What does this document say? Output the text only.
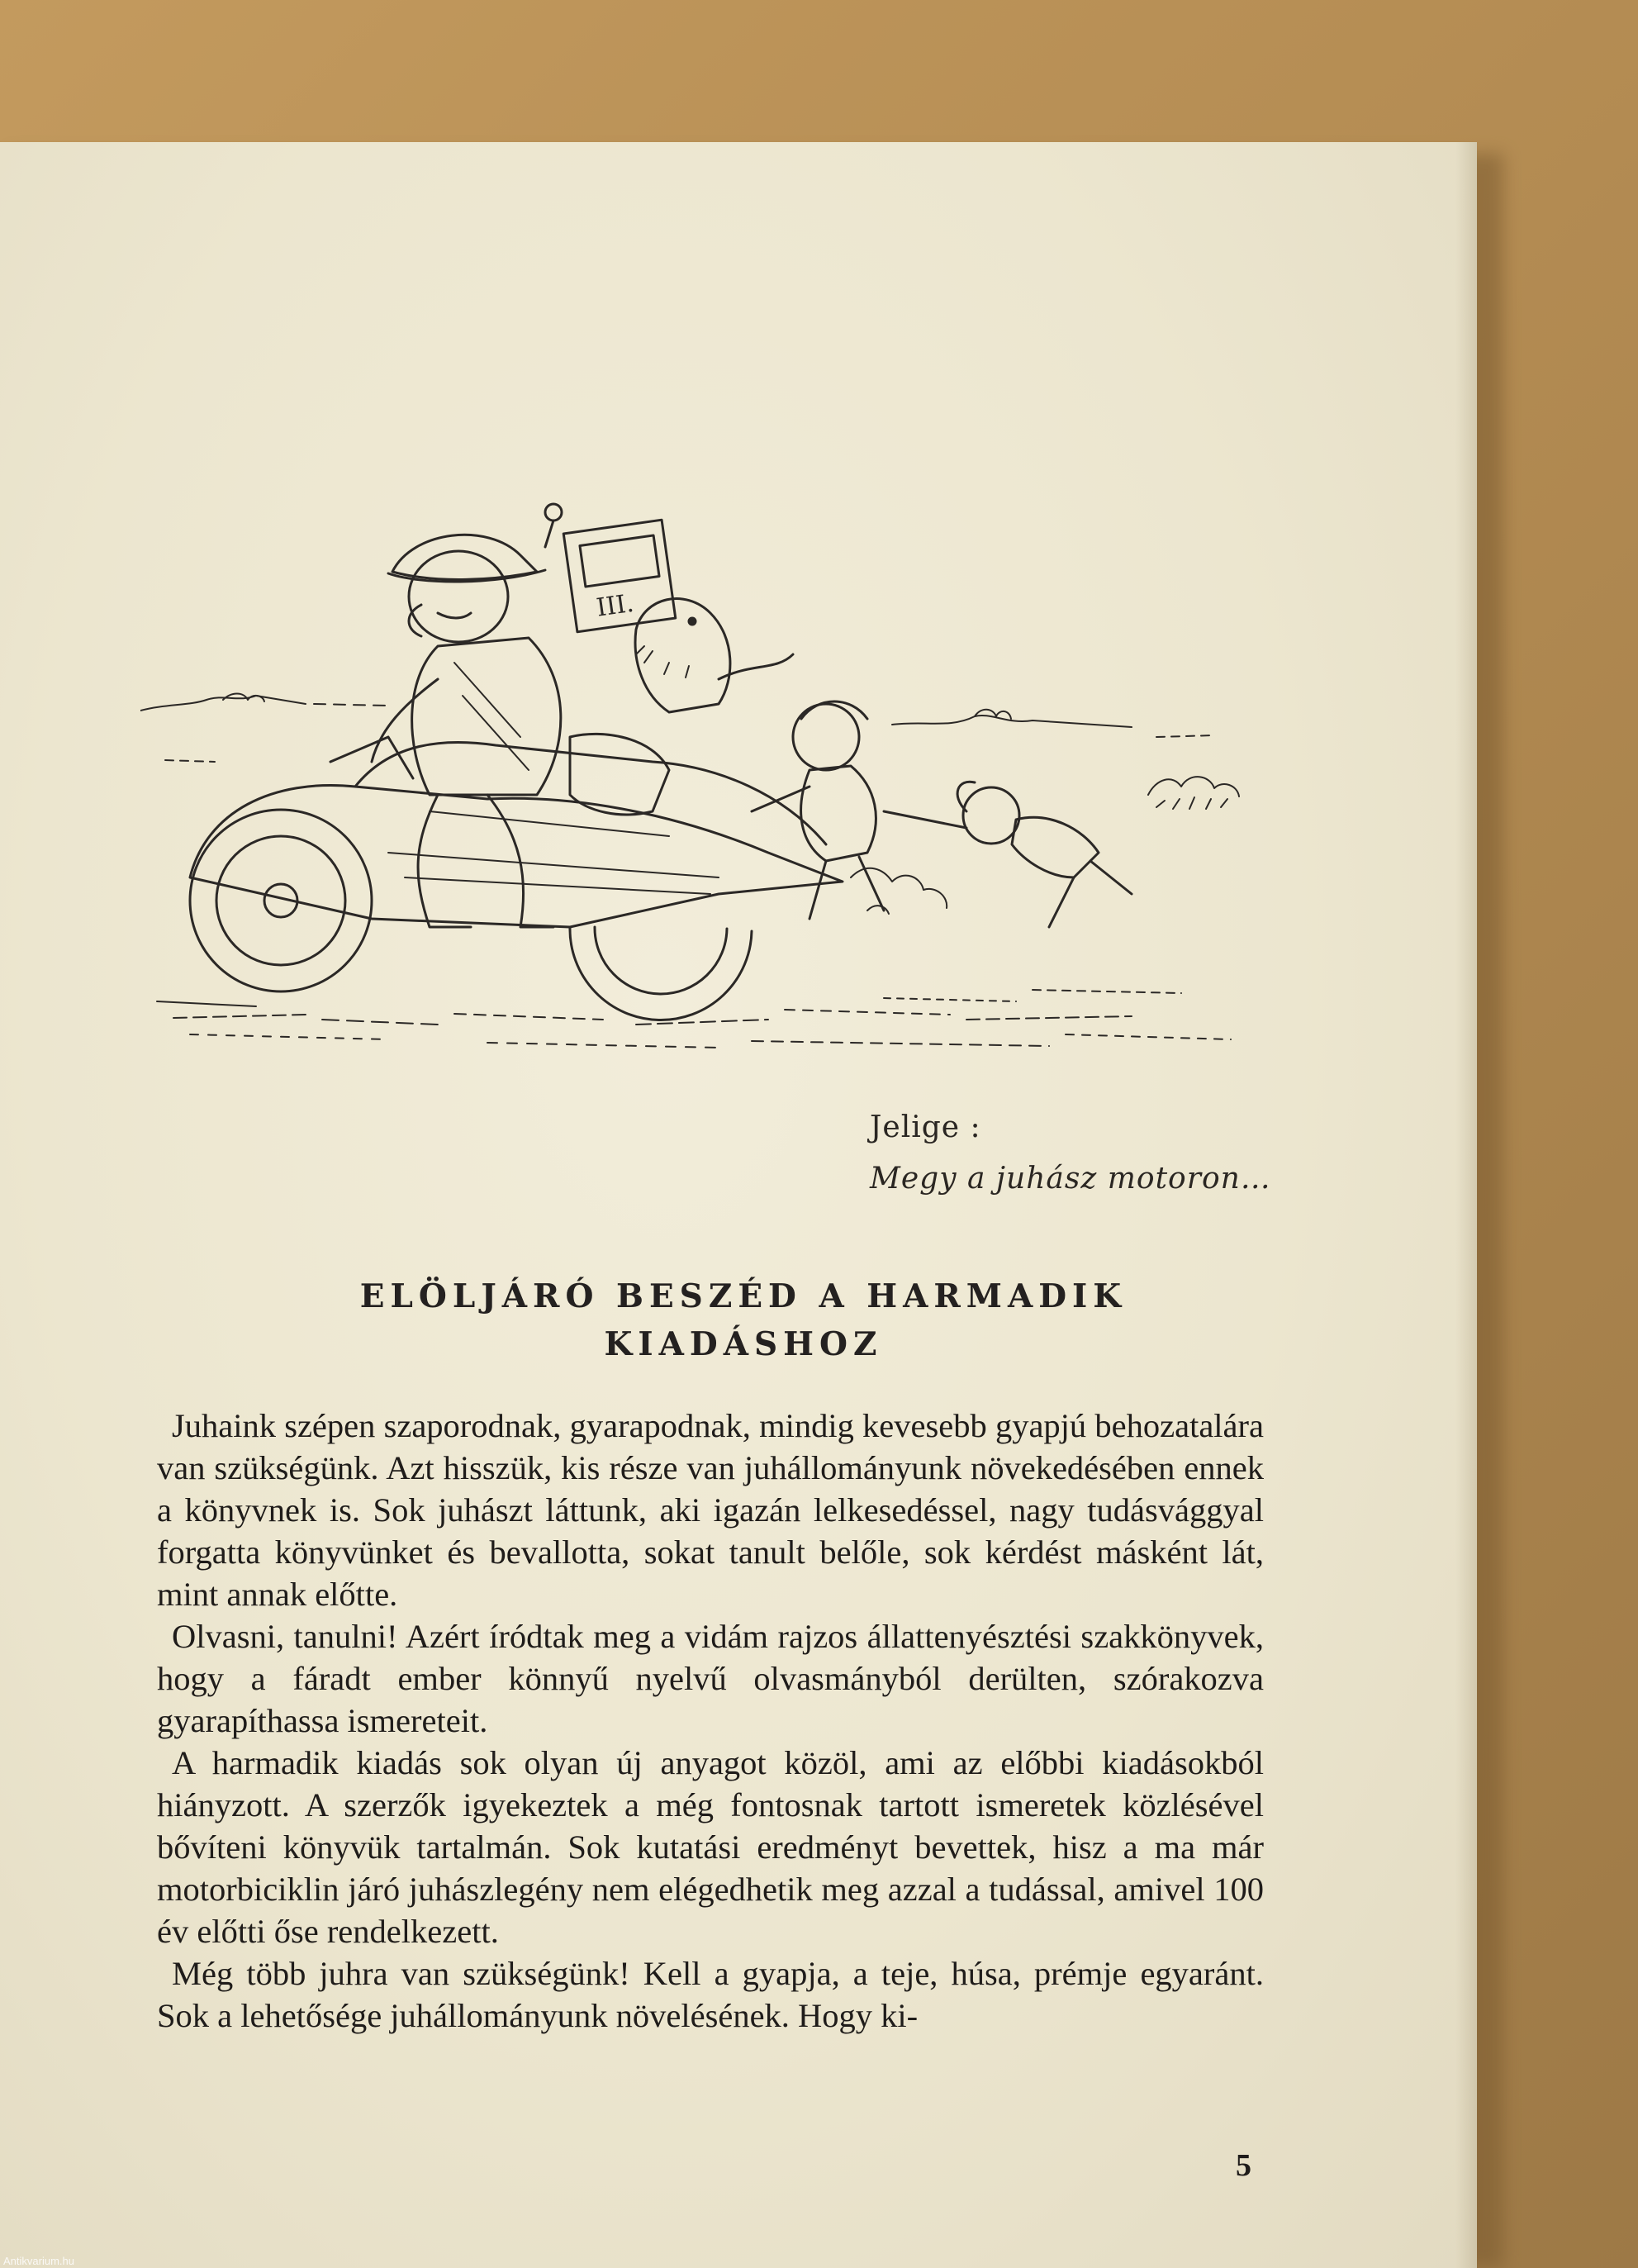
III.
Jelige :
Megy a juhász motoron…
ELÖLJÁRÓ BESZÉD A HARMADIK
KIADÁSHOZ

Juhaink szépen szaporodnak, gyarapodnak, mindig kevesebb gyapjú behozatalára van szükségünk. Azt hisszük, kis része van juhállományunk növekedésében ennek a könyvnek is. Sok juhászt láttunk, aki igazán lelkesedéssel, nagy tudásvággyal forgatta könyvünket és bevallotta, sokat tanult belőle, sok kérdést másként lát, mint annak előtte.

Olvasni, tanulni! Azért íródtak meg a vidám rajzos állattenyésztési szakkönyvek, hogy a fáradt ember könnyű nyelvű olvasmányból derülten, szórakozva gyarapíthassa ismereteit.

A harmadik kiadás sok olyan új anyagot közöl, ami az előbbi kiadásokból hiányzott. A szerzők igyekeztek a még fontosnak tartott ismeretek közlésével bővíteni könyvük tartalmán. Sok kutatási eredményt bevettek, hisz a ma már motorbiciklin járó juhászlegény nem elégedhetik meg azzal a tudással, amivel 100 év előtti őse rendelkezett.

Még több juhra van szükségünk! Kell a gyapja, a teje, húsa, prémje egyaránt. Sok a lehetősége juhállományunk növelésének. Hogy ki-

5
Antikvarium.hu
